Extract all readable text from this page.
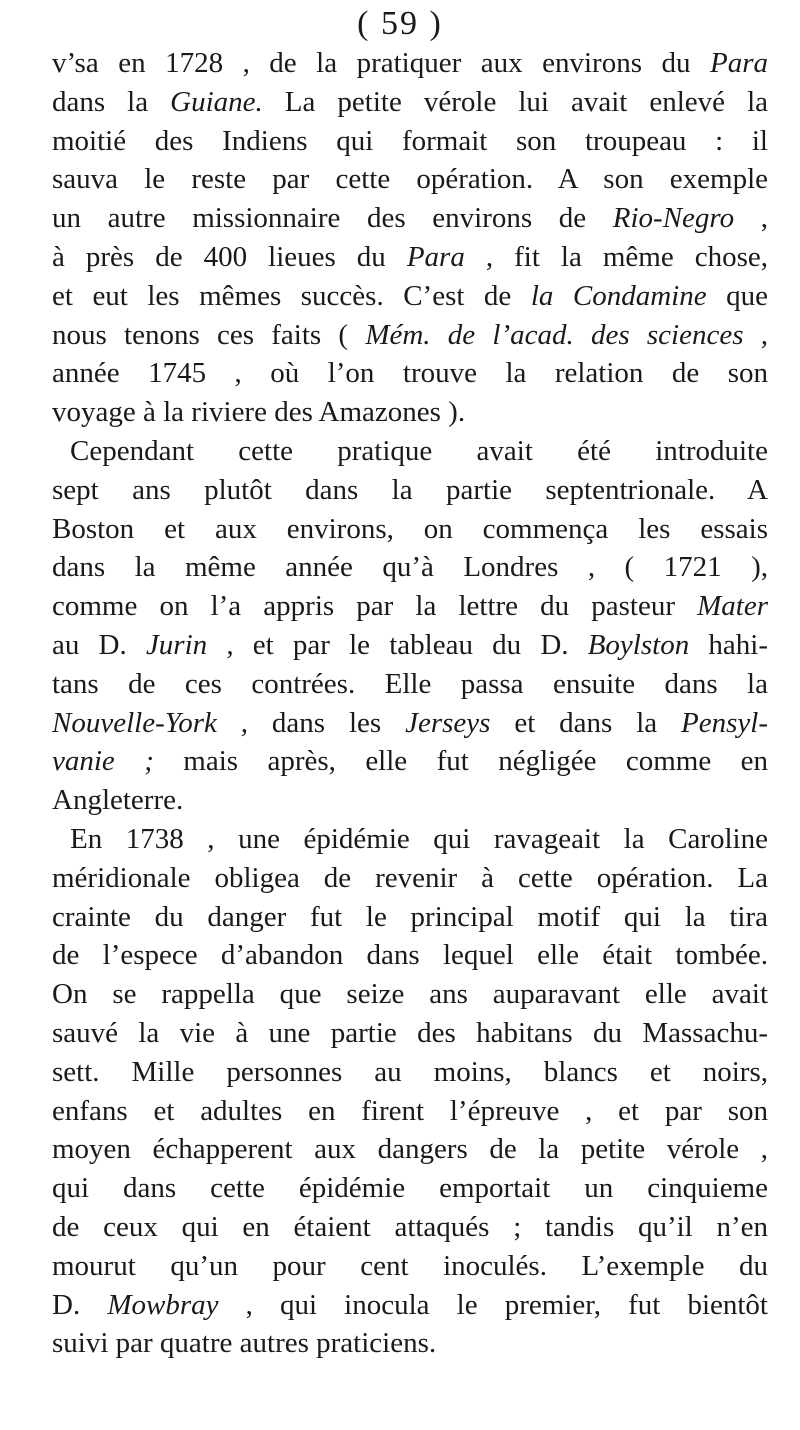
( 59 )
v’sa en 1728 , de la pratiquer aux environs du Para
dans la Guiane. La petite vérole lui avait enlevé la
moitié des Indiens qui formait son troupeau : il
sauva le reste par cette opération. A son exemple
un autre missionnaire des environs de Rio-Negro ,
à près de 400 lieues du Para , fit la même chose,
et eut les mêmes succès. C’est de la Condamine que
nous tenons ces faits ( Mém. de l’acad. des sciences ,
année 1745 , où l’on trouve la relation de son
voyage à la riviere des Amazones ).
Cependant cette pratique avait été introduite
sept ans plutôt dans la partie septentrionale. A
Boston et aux environs, on commença les essais
dans la même année qu’à Londres , ( 1721 ),
comme on l’a appris par la lettre du pasteur Mater
au D. Jurin , et par le tableau du D. Boylston hahi-
tans de ces contrées. Elle passa ensuite dans la
Nouvelle-York , dans les Jerseys et dans la Pensyl-
vanie ; mais après, elle fut négligée comme en
Angleterre.
En 1738 , une épidémie qui ravageait la Caroline
méridionale obligea de revenir à cette opération. La
crainte du danger fut le principal motif qui la tira
de l’espece d’abandon dans lequel elle était tombée.
On se rappella que seize ans auparavant elle avait
sauvé la vie à une partie des habitans du Massachu-
sett. Mille personnes au moins, blancs et noirs,
enfans et adultes en firent l’épreuve , et par son
moyen échapperent aux dangers de la petite vérole ,
qui dans cette épidémie emportait un cinquieme
de ceux qui en étaient attaqués ; tandis qu’il n’en
mourut qu’un pour cent inoculés. L’exemple du
D. Mowbray , qui inocula le premier, fut bientôt
suivi par quatre autres praticiens.
